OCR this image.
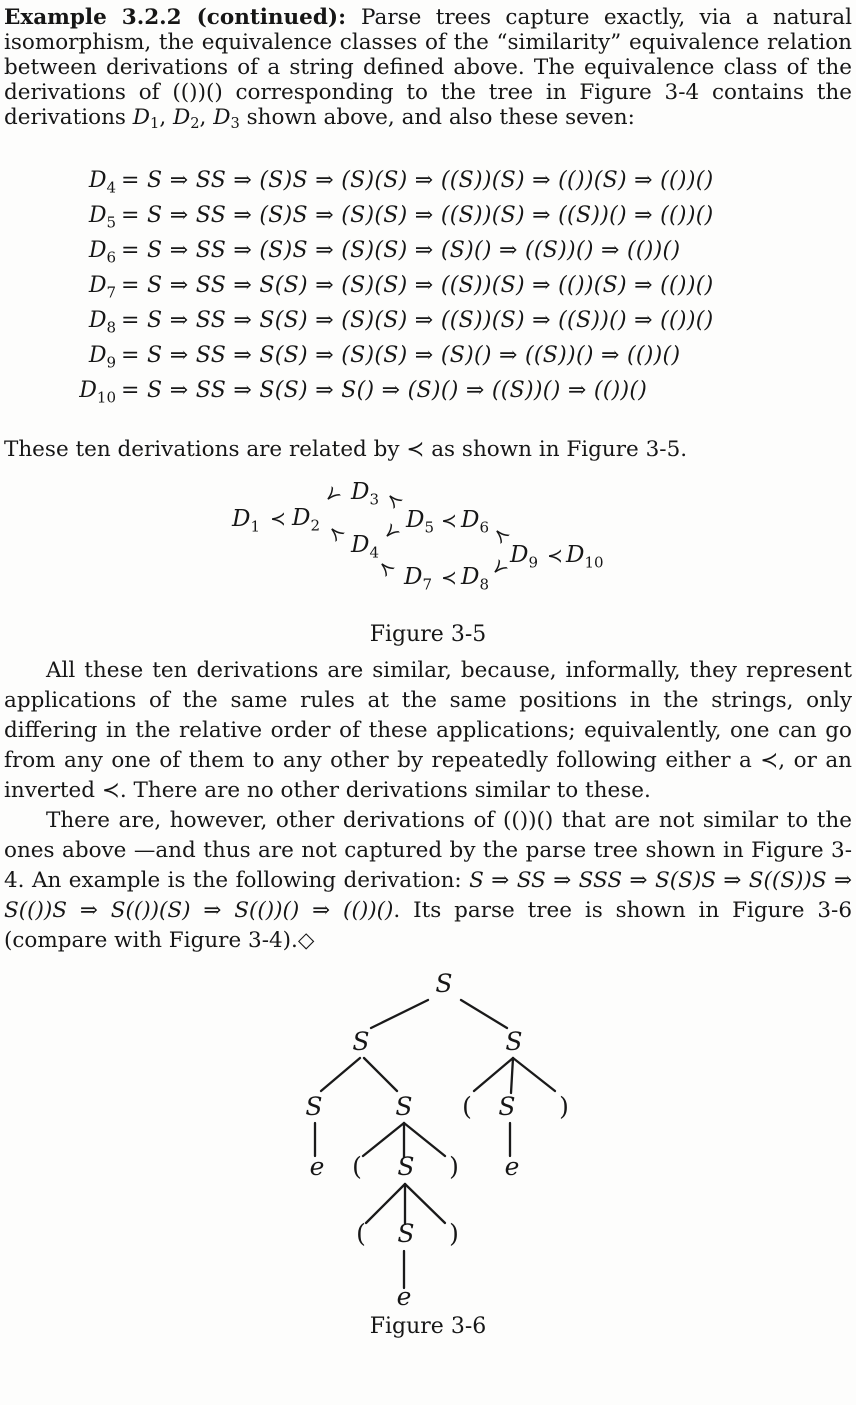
Example 3.2.2 (continued): Parse trees capture exactly, via a natural isomorphism, the equivalence classes of the “similarity” equivalence relation between derivations of a string defined above. The equivalence class of the derivations of (())() corresponding to the tree in Figure 3-4 contains the derivations D1, D2, D3 shown above, and also these seven:

$D_4 = S$ ⇒ SS ⇒ (S)S ⇒ (S)(S) ⇒ ((S))(S) ⇒ (())(S) ⇒ (())()
$D_5 = S$ ⇒ SS ⇒ (S)S ⇒ (S)(S) ⇒ ((S))(S) ⇒ ((S))() ⇒ (())()
$D_6 = S$ ⇒ SS ⇒ (S)S ⇒ (S)(S) ⇒ (S)() ⇒ ((S))() ⇒ (())()
$D_7 = S$ ⇒ SS ⇒ S(S) ⇒ (S)(S) ⇒ ((S))(S) ⇒ (())(S) ⇒ (())()
$D_8 = S$ ⇒ SS ⇒ S(S) ⇒ (S)(S) ⇒ ((S))(S) ⇒ ((S))() ⇒ (())()
$D_9 = S$ ⇒ SS ⇒ S(S) ⇒ (S)(S) ⇒ (S)() ⇒ ((S))() ⇒ (())()
$D_{10} = S$ ⇒ SS ⇒ S(S) ⇒ S() ⇒ (S)() ⇒ ((S))() ⇒ (())()

These ten derivations are related by ≺ as shown in Figure 3-5.

$D_1$ ≺ $D_2$
≺ $D_3$ ≺
≺ $D_4$
≺ $D_5$ ≺ $D_6$
≺
≺ $D_7$ ≺ $D_8$
≺
$D_9$ ≺ $D_{10}$

Figure 3-5

All these ten derivations are similar, because, informally, they represent applications of the same rules at the same positions in the strings, only differing in the relative order of these applications; equivalently, one can go from any one of them to any other by repeatedly following either a ≺, or an inverted ≺. There are no other derivations similar to these.

There are, however, other derivations of (())() that are not similar to the ones above —and thus are not captured by the parse tree shown in Figure 3-4. An example is the following derivation: S ⇒ SS ⇒ SSS ⇒ S(S)S ⇒ S((S))S ⇒ S(())S ⇒ S(())(S) ⇒ S(())() ⇒ (())(). Its parse tree is shown in Figure 3-6 (compare with Figure 3-4).◇

S
S	S
S	S ( S )
e ( S ) e
( S )
e

Figure 3-6
